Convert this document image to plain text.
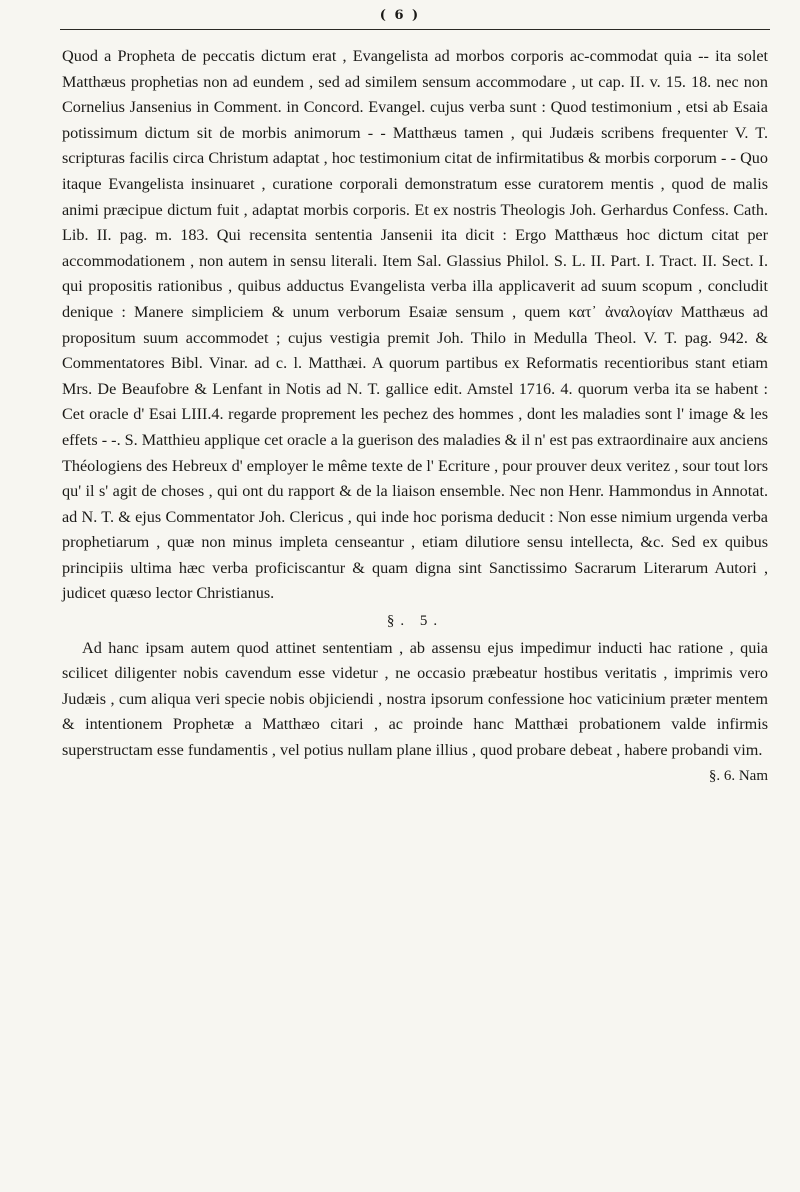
( 6 )

Quod a Propheta de peccatis dictum erat , Evangelista ad morbos corporis ac-commodat quia -- ita solet Matthæus prophetias non ad eundem , sed ad similem sensum accommodare , ut cap. II. v. 15. 18. nec non Cornelius Jansenius in Comment. in Concord. Evangel. cujus verba sunt : Quod testimonium , etsi ab Esaia potissimum dictum sit de morbis animorum - - Matthæus tamen , qui Judæis scribens frequenter V. T. scripturas facilis circa Christum adaptat , hoc testimonium citat de infirmitatibus & morbis corporum - - Quo itaque Evangelista insinuaret , curatione corporali demonstratum esse curatorem mentis , quod de malis animi præcipue dictum fuit , adaptat morbis corporis. Et ex nostris Theologis Joh. Gerhardus Confess. Cath. Lib. II. pag. m. 183. Qui recensita sententia Jansenii ita dicit : Ergo Matthæus hoc dictum citat per accommodationem , non autem in sensu literali. Item Sal. Glassius Philol. S. L. II. Part. I. Tract. II. Sect. I. qui propositis rationibus , quibus adductus Evangelista verba illa applicaverit ad suum scopum , concludit denique : Manere simpliciem & unum verborum Esaiæ sensum , quem κατ᾽ ἀναλογίαν Matthæus ad propositum suum accommodet ; cujus vestigia premit Joh. Thilo in Medulla Theol. V. T. pag. 942. & Commentatores Bibl. Vinar. ad c. l. Matthæi. A quorum partibus ex Reformatis recentioribus stant etiam Mrs. De Beaufobre & Lenfant in Notis ad N. T. gallice edit. Amstel 1716. 4. quorum verba ita se habent : Cet oracle d' Esai LIII.4. regarde proprement les pechez des hommes , dont les maladies sont l' image & les effets - -. S. Matthieu applique cet oracle a la guerison des maladies & il n' est pas extraordinaire aux anciens Théologiens des Hebreux d' employer le même texte de l' Ecriture , pour prouver deux veritez , sour tout lors qu' il s' agit de choses , qui ont du rapport & de la liaison ensemble. Nec non Henr. Hammondus in Annotat. ad N. T. & ejus Commentator Joh. Clericus , qui inde hoc porisma deducit : Non esse nimium urgenda verba prophetiarum , quæ non minus impleta censeantur , etiam dilutiore sensu intellecta, &c. Sed ex quibus principiis ultima hæc verba proficiscantur & quam digna sint Sanctissimo Sacrarum Literarum Autori , judicet quæso lector Christianus.

§. 5.

Ad hanc ipsam autem quod attinet sententiam , ab assensu ejus impedimur inducti hac ratione , quia scilicet diligenter nobis cavendum esse videtur , ne occasio præbeatur hostibus veritatis , imprimis vero Judæis , cum aliqua veri specie nobis objiciendi , nostra ipsorum confessione hoc vaticinium præter mentem & intentionem Prophetæ a Matthæo citari , ac proinde hanc Matthæi probationem valde infirmis superstructam esse fundamentis , vel potius nullam plane illius , quod probare debeat , habere probandi vim.

§. 6. Nam
